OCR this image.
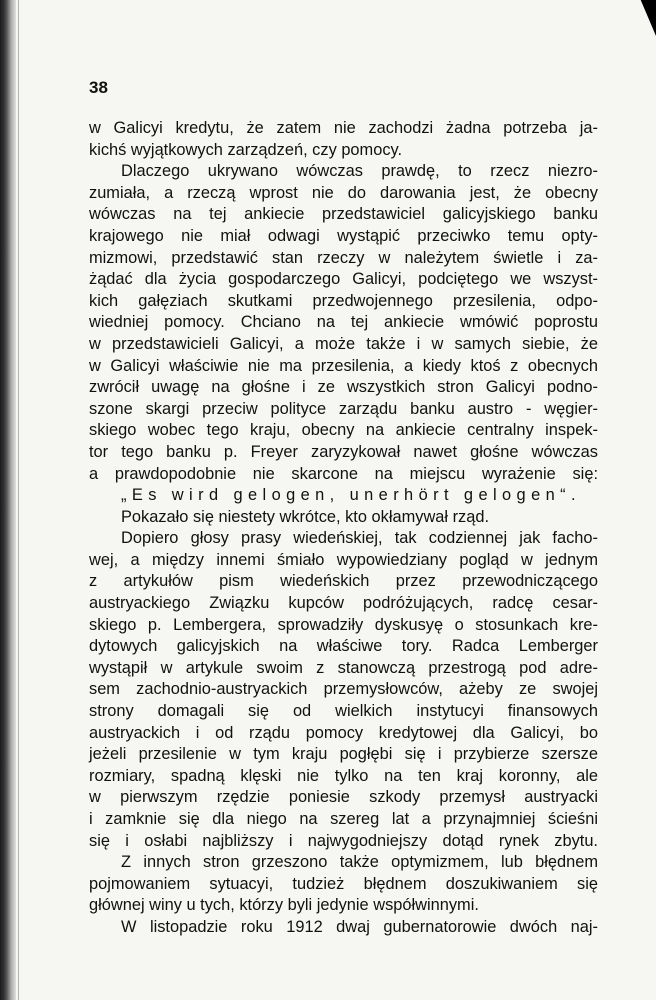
38
w Galicyi kredytu, że zatem nie zachodzi żadna potrzeba ja-
kichś wyjątkowych zarządzeń, czy pomocy.
Dlaczego ukrywano wówczas prawdę, to rzecz niezro-
zumiała, a rzeczą wprost nie do darowania jest, że obecny
wówczas na tej ankiecie przedstawiciel galicyjskiego banku
krajowego nie miał odwagi wystąpić przeciwko temu opty-
mizmowi, przedstawić stan rzeczy w należytem świetle i za-
żądać dla życia gospodarczego Galicyi, podciętego we wszyst-
kich gałęziach skutkami przedwojennego przesilenia, odpo-
wiedniej pomocy. Chciano na tej ankiecie wmówić poprostu
w przedstawicieli Galicyi, a może także i w samych siebie, że
w Galicyi właściwie nie ma przesilenia, a kiedy ktoś z obecnych
zwrócił uwagę na głośne i ze wszystkich stron Galicyi podno-
szone skargi przeciw polityce zarządu banku austro - węgier-
skiego wobec tego kraju, obecny na ankiecie centralny inspek-
tor tego banku p. Freyer zaryzykował nawet głośne wówczas
a prawdopodobnie nie skarcone na miejscu wyrażenie się:
„Es wird gelogen, unerhört gelogen“.
Pokazało się niestety wkrótce, kto okłamywał rząd.
Dopiero głosy prasy wiedeńskiej, tak codziennej jak facho-
wej, a między innemi śmiało wypowiedziany pogląd w jednym
z artykułów pism wiedeńskich przez przewodniczącego
austryackiego Związku kupców podróżujących, radcę cesar-
skiego p. Lembergera, sprowadziły dyskusyę o stosunkach kre-
dytowych galicyjskich na właściwe tory. Radca Lemberger
wystąpił w artykule swoim z stanowczą przestrogą pod adre-
sem zachodnio-austryackich przemysłowców, ażeby ze swojej
strony domagali się od wielkich instytucyi finansowych
austryackich i od rządu pomocy kredytowej dla Galicyi, bo
jeżeli przesilenie w tym kraju pogłębi się i przybierze szersze
rozmiary, spadną klęski nie tylko na ten kraj koronny, ale
w pierwszym rzędzie poniesie szkody przemysł austryacki
i zamknie się dla niego na szereg lat a przynajmniej ścieśni
się i osłabi najbliższy i najwygodniejszy dotąd rynek zbytu.
Z innych stron grzeszono także optymizmem, lub błędnem
pojmowaniem sytuacyi, tudzież błędnem doszukiwaniem się
głównej winy u tych, którzy byli jedynie współwinnymi.
W listopadzie roku 1912 dwaj gubernatorowie dwóch naj-
